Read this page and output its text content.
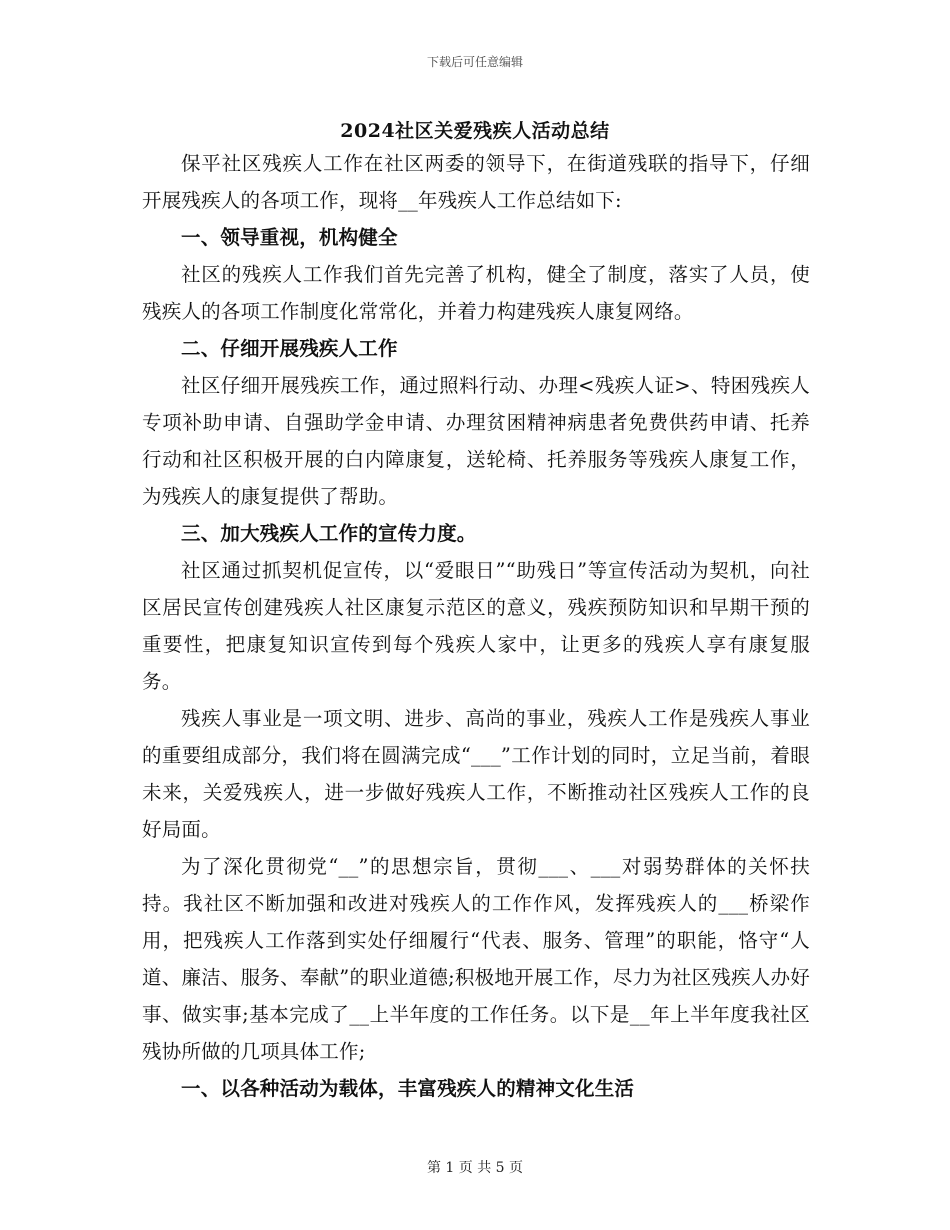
下载后可任意编辑
2024社区关爱残疾人活动总结

保平社区残疾人工作在社区两委的领导下，在街道残联的指导下，仔细开展残疾人的各项工作，现将__年残疾人工作总结如下:

一、领导重视，机构健全

社区的残疾人工作我们首先完善了机构，健全了制度，落实了人员，使残疾人的各项工作制度化常常化，并着力构建残疾人康复网络。

二、仔细开展残疾人工作

社区仔细开展残疾工作，通过照料行动、办理<残疾人证>、特困残疾人专项补助申请、自强助学金申请、办理贫困精神病患者免费供药申请、托养行动和社区积极开展的白内障康复，送轮椅、托养服务等残疾人康复工作，为残疾人的康复提供了帮助。

三、加大残疾人工作的宣传力度。

社区通过抓契机促宣传，以“爱眼日”“助残日”等宣传活动为契机，向社区居民宣传创建残疾人社区康复示范区的意义，残疾预防知识和早期干预的重要性，把康复知识宣传到每个残疾人家中，让更多的残疾人享有康复服务。

残疾人事业是一项文明、进步、高尚的事业，残疾人工作是残疾人事业的重要组成部分，我们将在圆满完成“___”工作计划的同时，立足当前，着眼未来，关爱残疾人，进一步做好残疾人工作，不断推动社区残疾人工作的良好局面。

为了深化贯彻党“__”的思想宗旨，贯彻___、___对弱势群体的关怀扶持。我社区不断加强和改进对残疾人的工作作风，发挥残疾人的___桥梁作用，把残疾人工作落到实处仔细履行“代表、服务、管理”的职能，恪守“人道、廉洁、服务、奉献”的职业道德;积极地开展工作，尽力为社区残疾人办好事、做实事;基本完成了__上半年度的工作任务。以下是__年上半年度我社区残协所做的几项具体工作;

一、以各种活动为载体，丰富残疾人的精神文化生活

第 1 页 共 5 页
